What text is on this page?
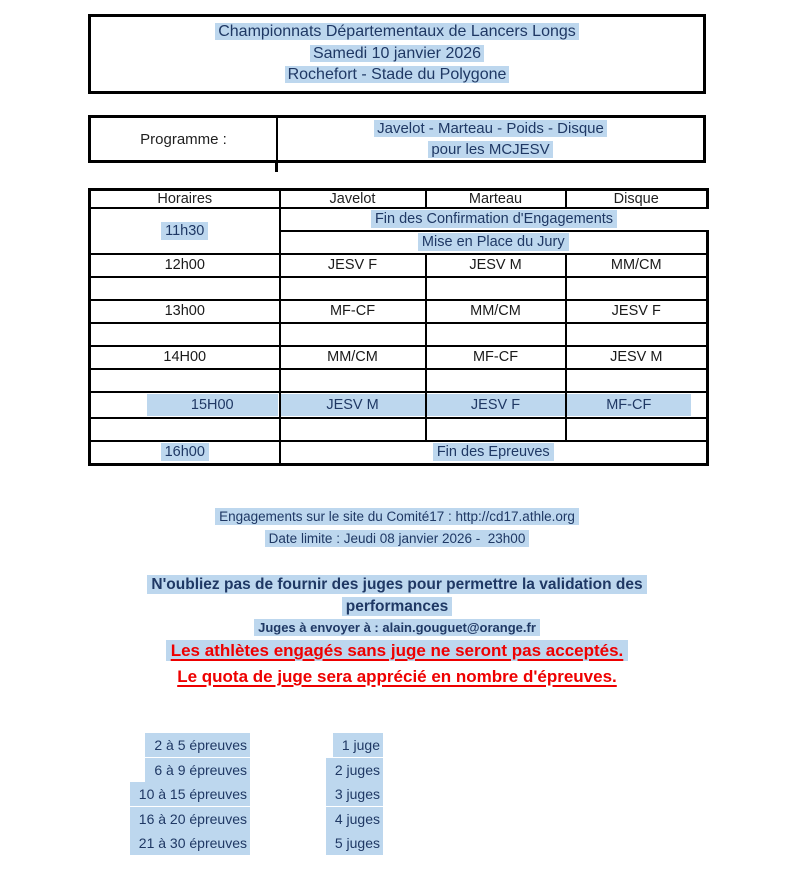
Championnats Départementaux de Lancers Longs
Samedi 10 janvier 2026
Rochefort - Stade du Polygone
Programme :
Javelot - Marteau - Poids - Disque
pour les MCJESV
Horaires	Javelot	Marteau	Disque
11h30	Fin des Confirmation d'Engagements		
	Mise en Place du Jury		
12h00	JESV F	JESV M	MM/CM

13h00	MF-CF	MM/CM	JESV F

14H00	MM/CM	MF-CF	JESV M

15H00	JESV M	JESV F	MF-CF

16h00	Fin des Epreuves		
Engagements sur le site du Comité17 : http://cd17.athle.org
Date limite : Jeudi 08 janvier 2026 -  23h00
N'oubliez pas de fournir des juges pour permettre la validation des
performances
Juges à envoyer à : alain.gouguet@orange.fr
Les athlètes engagés sans juge ne seront pas acceptés.
Le quota de juge sera apprécié en nombre d'épreuves.
2 à 5 épreuves	1 juge
6 à 9 épreuves	2 juges
10 à 15 épreuves	3 juges
16 à 20 épreuves	4 juges
21 à 30 épreuves	5 juges
